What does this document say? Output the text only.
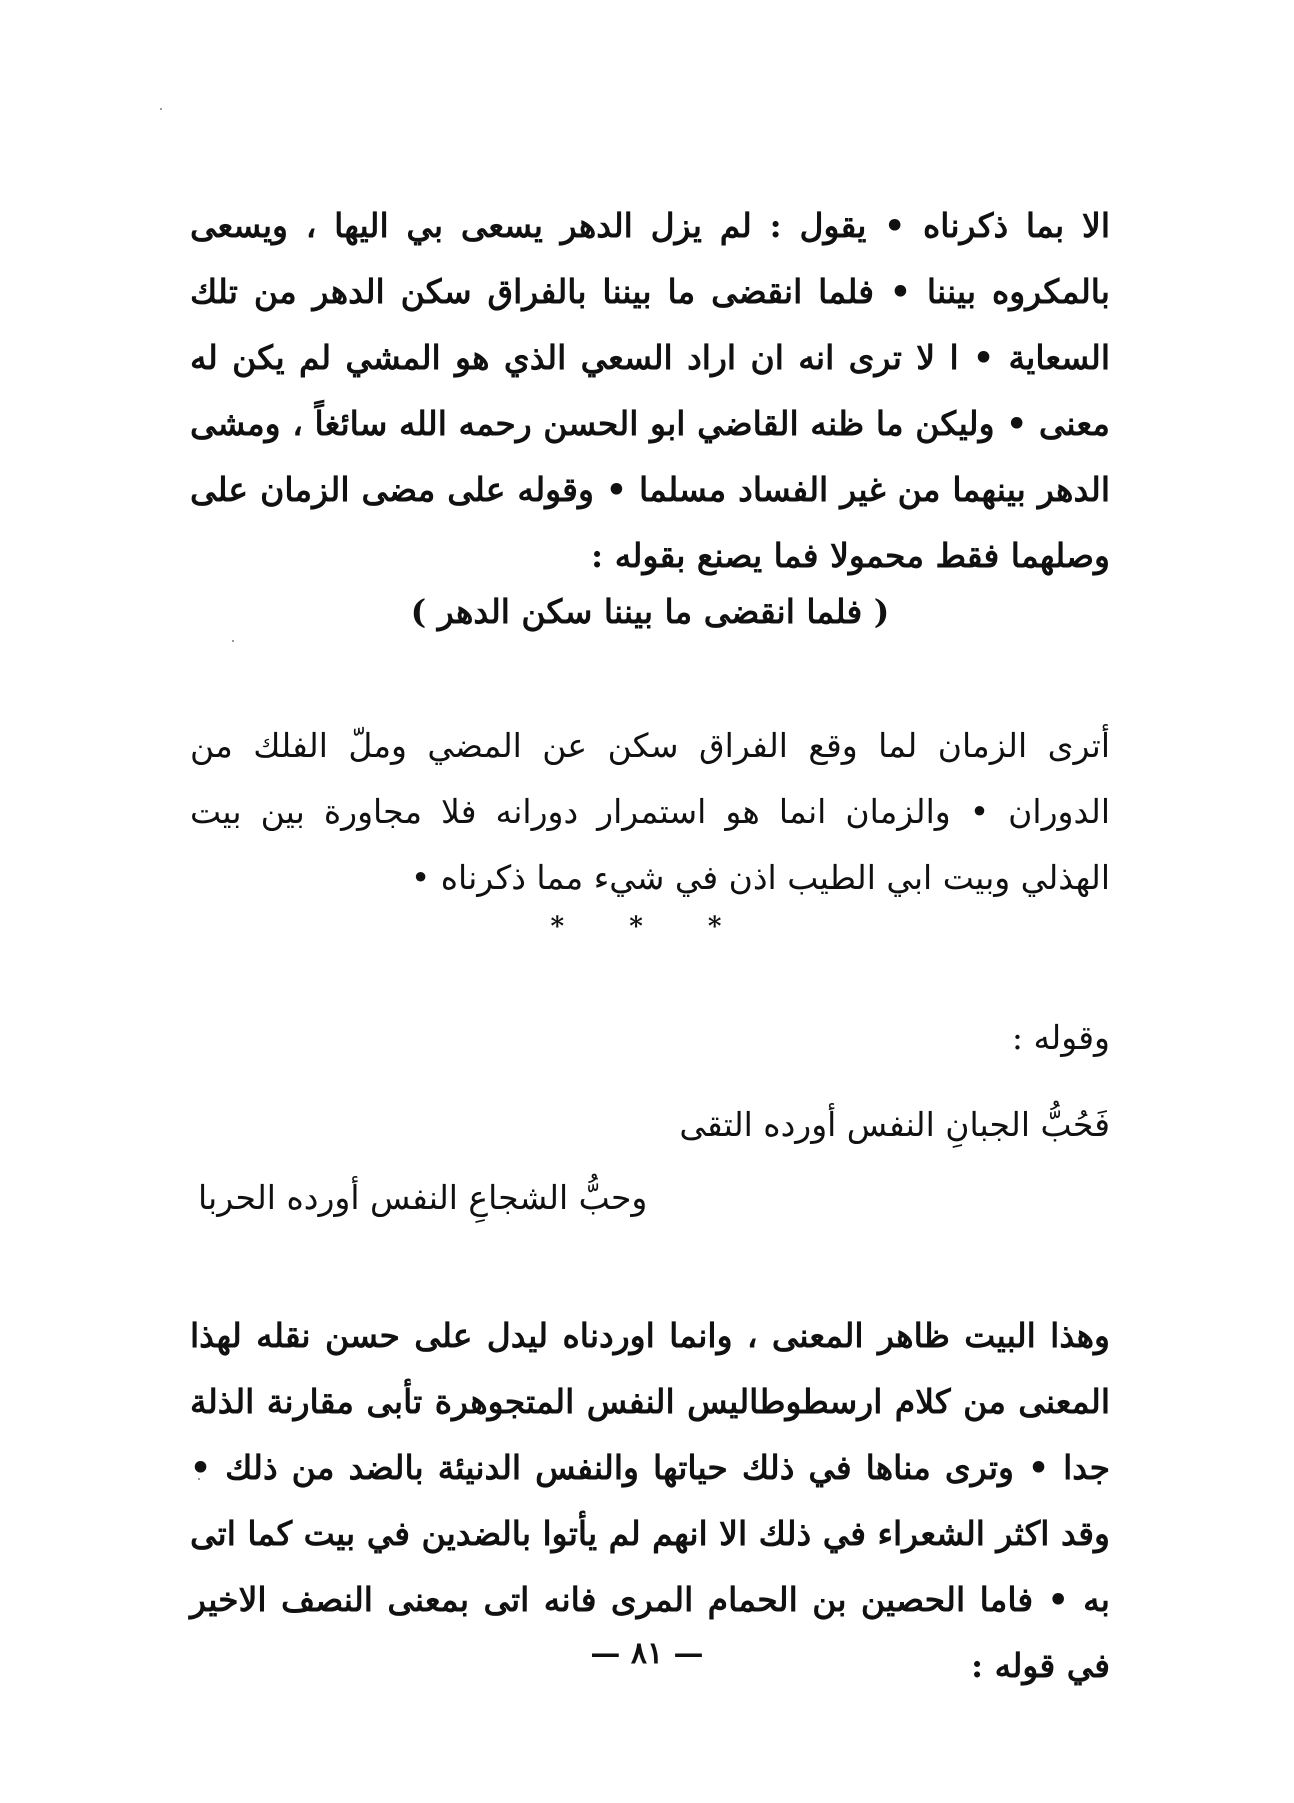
الا بما ذكرناه • يقول : لم يزل الدهر يسعى بي اليها ، ويسعى بالمكروه بيننا • فلما انقضى ما بيننا بالفراق سكن الدهر من تلك السعاية • ا لا ترى انه ان اراد السعي الذي هو المشي لم يكن له معنى • وليكن ما ظنه القاضي ابو الحسن رحمه الله سائغاً ، ومشى الدهر بينهما من غير الفساد مسلما • وقوله على مضى الزمان على وصلهما فقط محمولا فما يصنع بقوله :

( فلما انقضى ما بيننا سكن الدهر )

أترى الزمان لما وقع الفراق سكن عن المضي وملّ الفلك من الدوران • والزمان انما هو استمرار دورانه فلا مجاورة بين بيت الهذلي وبيت ابي الطيب اذن في شيء مما ذكرناه •

* * *
وقوله :
فَحُبُّ الجبانِ النفس أورده التقى
وحبُّ الشجاعِ النفس أورده الحربا

وهذا البيت ظاهر المعنى ، وانما اوردناه ليدل على حسن نقله لهذا المعنى من كلام ارسطوطاليس النفس المتجوهرة تأبى مقارنة الذلة جدا • وترى مناها في ذلك حياتها والنفس الدنيئة بالضد من ذلك • وقد اكثر الشعراء في ذلك الا انهم لم يأتوا بالضدين في بيت كما اتى به • فاما الحصين بن الحمام المرى فانه اتى بمعنى النصف الاخير في قوله :

— ٨١ —
